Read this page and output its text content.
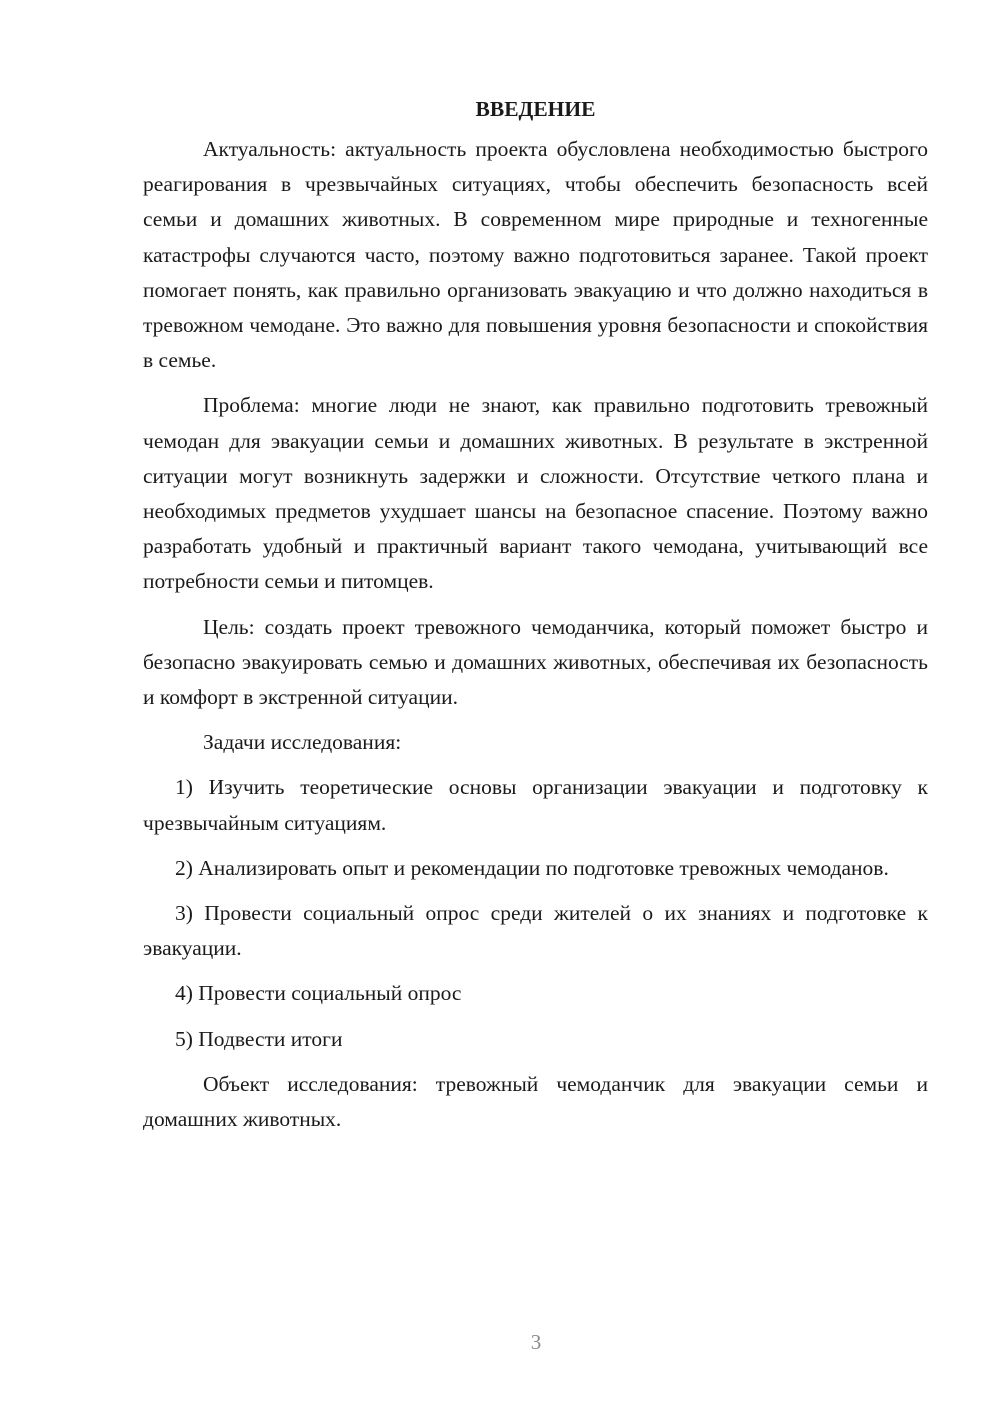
ВВЕДЕНИЕ

Актуальность: актуальность проекта обусловлена необходимостью быстрого реагирования в чрезвычайных ситуациях, чтобы обеспечить безопасность всей семьи и домашних животных. В современном мире природные и техногенные катастрофы случаются часто, поэтому важно подготовиться заранее. Такой проект помогает понять, как правильно организовать эвакуацию и что должно находиться в тревожном чемодане. Это важно для повышения уровня безопасности и спокойствия в семье.

Проблема: многие люди не знают, как правильно подготовить тревожный чемодан для эвакуации семьи и домашних животных. В результате в экстренной ситуации могут возникнуть задержки и сложности. Отсутствие четкого плана и необходимых предметов ухудшает шансы на безопасное спасение. Поэтому важно разработать удобный и практичный вариант такого чемодана, учитывающий все потребности семьи и питомцев.

Цель: создать проект тревожного чемоданчика, который поможет быстро и безопасно эвакуировать семью и домашних животных, обеспечивая их безопасность и комфорт в экстренной ситуации.

Задачи исследования:

1) Изучить теоретические основы организации эвакуации и подготовку к чрезвычайным ситуациям.

2) Анализировать опыт и рекомендации по подготовке тревожных чемоданов.

3) Провести социальный опрос среди жителей о их знаниях и подготовке к эвакуации.

4) Провести социальный опрос

5) Подвести итоги

Объект исследования: тревожный чемоданчик для эвакуации семьи и домашних животных.

3
